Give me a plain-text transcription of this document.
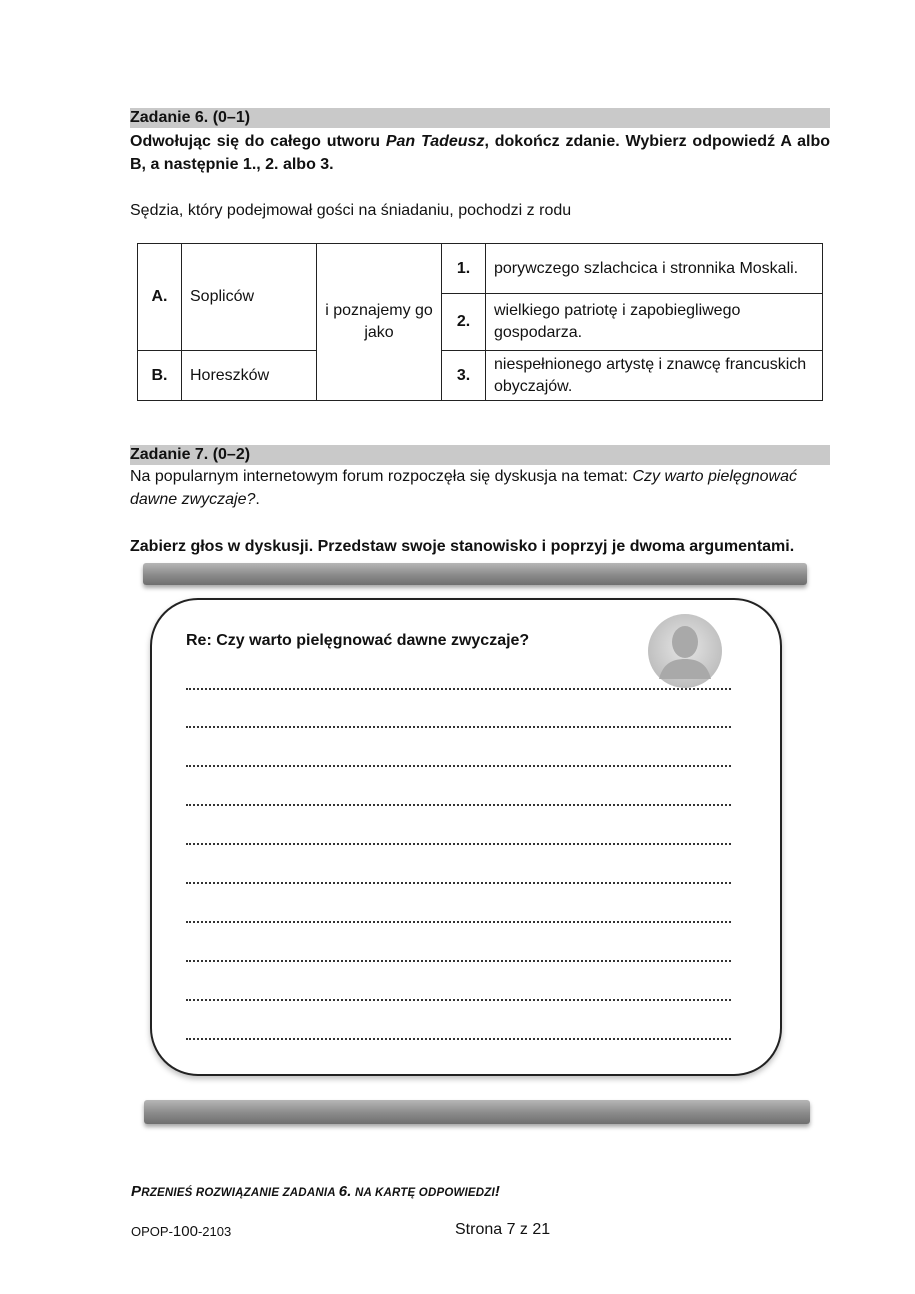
Zadanie 6. (0–1)
Odwołując się do całego utworu Pan Tadeusz, dokończ zdanie. Wybierz odpowiedź A albo B, a następnie 1., 2. albo 3.
Sędzia, który podejmował gości na śniadaniu, pochodzi z rodu
A.	Sopliców	i poznajemy go jako	1.	porywczego szlachcica i stronnika Moskali.
			2.	wielkiego patriotę i zapobiegliwego gospodarza.
B.	Horeszków		3.	niespełnionego artystę i znawcę francuskich obyczajów.
Zadanie 7. (0–2)
Na popularnym internetowym forum rozpoczęła się dyskusja na temat: Czy warto pielęgnować dawne zwyczaje?.
Zabierz głos w dyskusji. Przedstaw swoje stanowisko i poprzyj je dwoma argumentami.
Re: Czy warto pielęgnować dawne zwyczaje?
PRZENIEŚ ROZWIĄZANIE ZADANIA 6. NA KARTĘ ODPOWIEDZI!
OPOP-100-2103	Strona 7 z 21
